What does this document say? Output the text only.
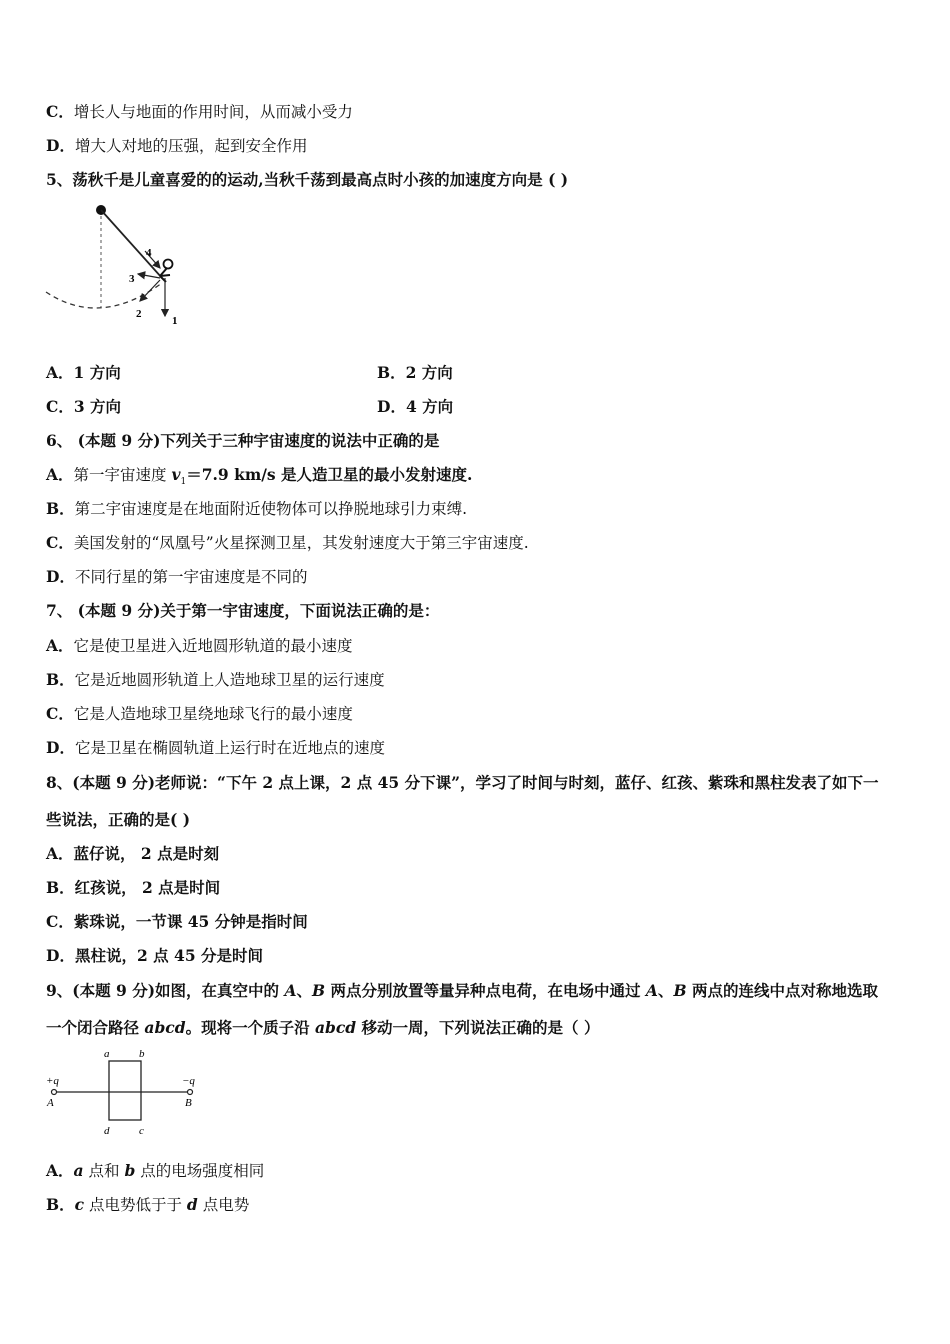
C．增长人与地面的作用时间，从而减小受力
D．增大人对地的压强，起到安全作用
5、荡秋千是儿童喜爱的的运动,当秋千荡到最高点时小孩的加速度方向是 ( )
1
2
3
4
A．1 方向	B．2 方向
C．3 方向	D．4 方向
6、 (本题 9 分)下列关于三种宇宙速度的说法中正确的是
A．第一宇宙速度 $v_1=7.9$ km/s 是人造卫星的最小发射速度.
B．第二宇宙速度是在地面附近使物体可以挣脱地球引力束缚.
C．美国发射的“凤凰号”火星探测卫星，其发射速度大于第三宇宙速度.
D．不同行星的第一宇宙速度是不同的
7、 (本题 9 分)关于第一宇宙速度，下面说法正确的是：
A．它是使卫星进入近地圆形轨道的最小速度
B．它是近地圆形轨道上人造地球卫星的运行速度
C．它是人造地球卫星绕地球飞行的最小速度
D．它是卫星在椭圆轨道上运行时在近地点的速度
8、(本题 9 分)老师说：“下午 2 点上课，2 点 45 分下课”，学习了时间与时刻，蓝仔、红孩、紫珠和黑柱发表了如下一
些说法，正确的是( )
A．蓝仔说， 2 点是时刻
B．红孩说， 2 点是时间
C．紫珠说，一节课 45 分钟是指时间
D．黑柱说，2 点 45 分是时间
9、(本题 9 分)如图，在真空中的 A、B 两点分别放置等量异种点电荷，在电场中通过 A、B 两点的连线中点对称地选取
一个闭合路径 abcd。现将一个质子沿 abcd 移动一周，下列说法正确的是（ ）
+q	−q
A	B
a	b
d	c
A．a 点和 b 点的电场强度相同
B．c 点电势低于于 d 点电势
